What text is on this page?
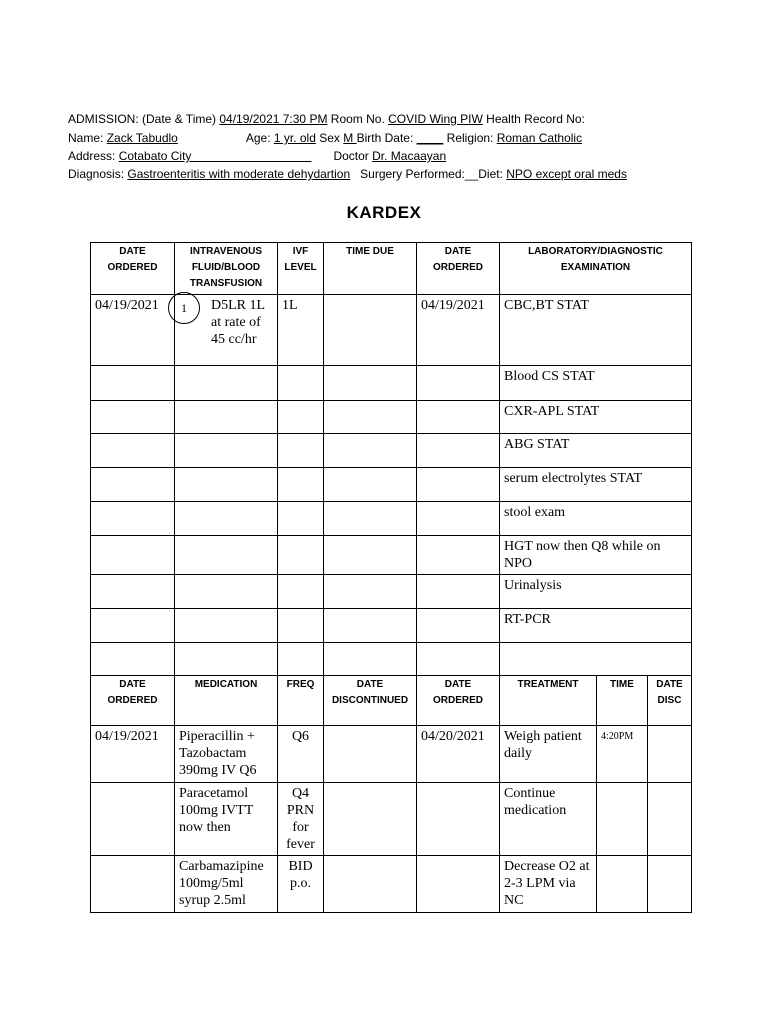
ADMISSION: (Date & Time) 04/19/2021 7:30 PM Room No. COVID Wing PIW Health Record No:
Name: Zack Tabudlo	Age: 1 yr. old Sex M Birth Date: ____ Religion: Roman Catholic
Address: Cotabato City                                    Doctor Dr. Macaayan
Diagnosis: Gastroenteritis with moderate dehydartion   Surgery Performed:__Diet: NPO except oral meds
KARDEX
1
DATE ORDERED	INTRAVENOUS FLUID/BLOOD TRANSFUSION	IVF LEVEL	TIME DUE	DATE ORDERED	LABORATORY/DIAGNOSTIC EXAMINATION		
04/19/2021	D5LR 1L at rate of 45 cc/hr	1L		04/19/2021	CBC,BT STAT		
					Blood CS STAT		
					CXR-APL STAT		
					ABG STAT		
					serum electrolytes STAT		
					stool exam		
					HGT now then Q8 while on NPO		
					Urinalysis		
					RT-PCR		

DATE ORDERED	MEDICATION	FREQ	DATE DISCONTINUED	DATE ORDERED	TREATMENT	TIME	DATE DISC
04/19/2021	Piperacillin + Tazobactam 390mg IV Q6	Q6		04/20/2021	Weigh patient daily	4:20PM	
	Paracetamol 100mg IVTT now then	Q4 PRN for fever			Continue medication		
	Carbamazipine 100mg/5ml syrup 2.5ml	BID p.o.			Decrease O2 at 2-3 LPM via NC		
